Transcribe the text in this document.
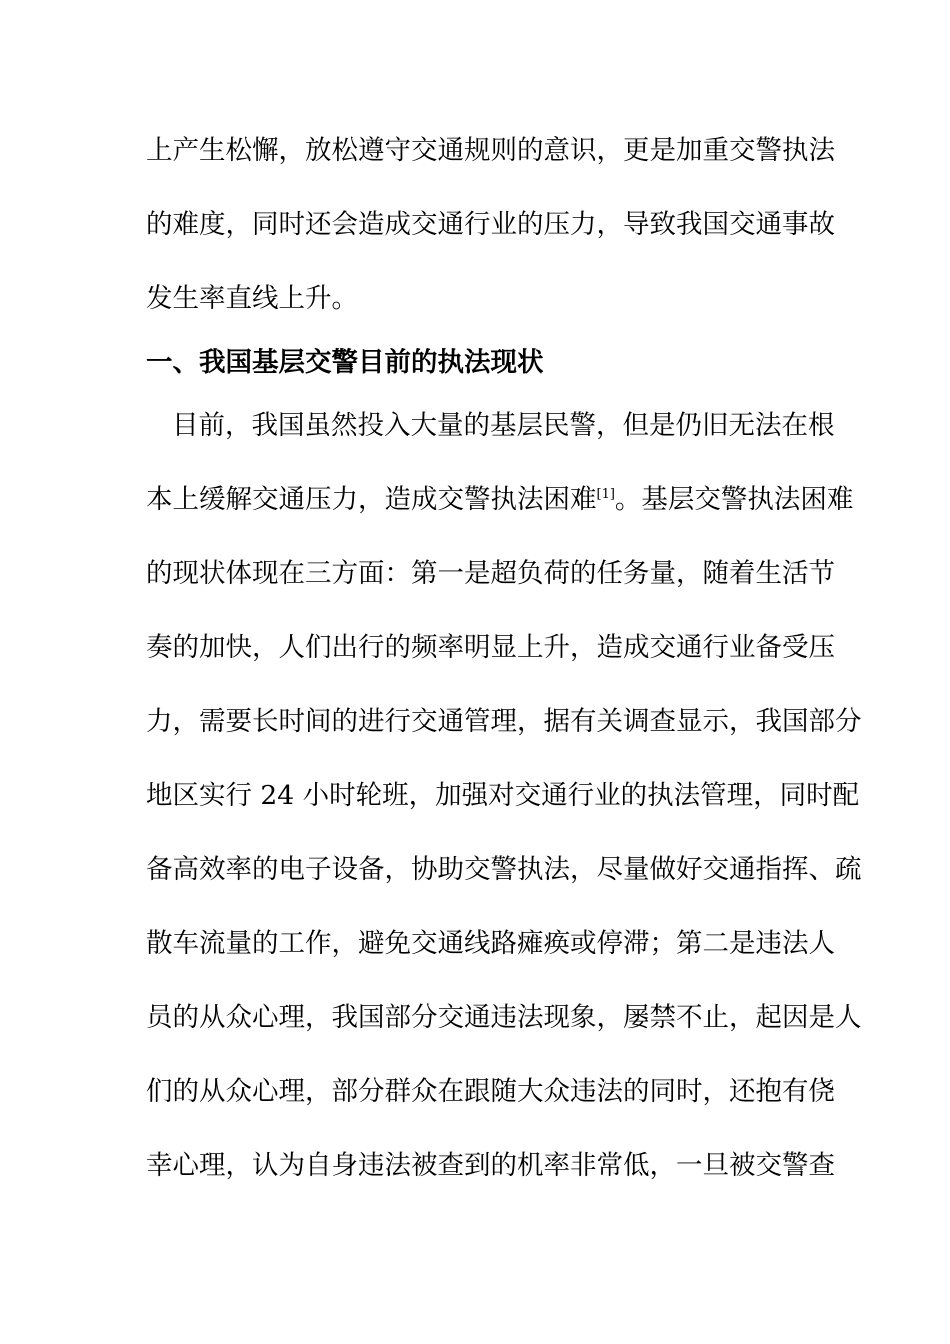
上产生松懈，放松遵守交通规则的意识，更是加重交警执法
的难度，同时还会造成交通行业的压力，导致我国交通事故
发生率直线上升。
一、我国基层交警目前的执法现状
目前，我国虽然投入大量的基层民警，但是仍旧无法在根
本上缓解交通压力，造成交警执法困难[1]。基层交警执法困难
的现状体现在三方面：第一是超负荷的任务量，随着生活节
奏的加快，人们出行的频率明显上升，造成交通行业备受压
力，需要长时间的进行交通管理，据有关调查显示，我国部分
地区实行 24 小时轮班，加强对交通行业的执法管理，同时配
备高效率的电子设备，协助交警执法，尽量做好交通指挥、疏
散车流量的工作，避免交通线路瘫痪或停滞；第二是违法人
员的从众心理，我国部分交通违法现象，屡禁不止，起因是人
们的从众心理，部分群众在跟随大众违法的同时，还抱有侥
幸心理，认为自身违法被查到的机率非常低，一旦被交警查
